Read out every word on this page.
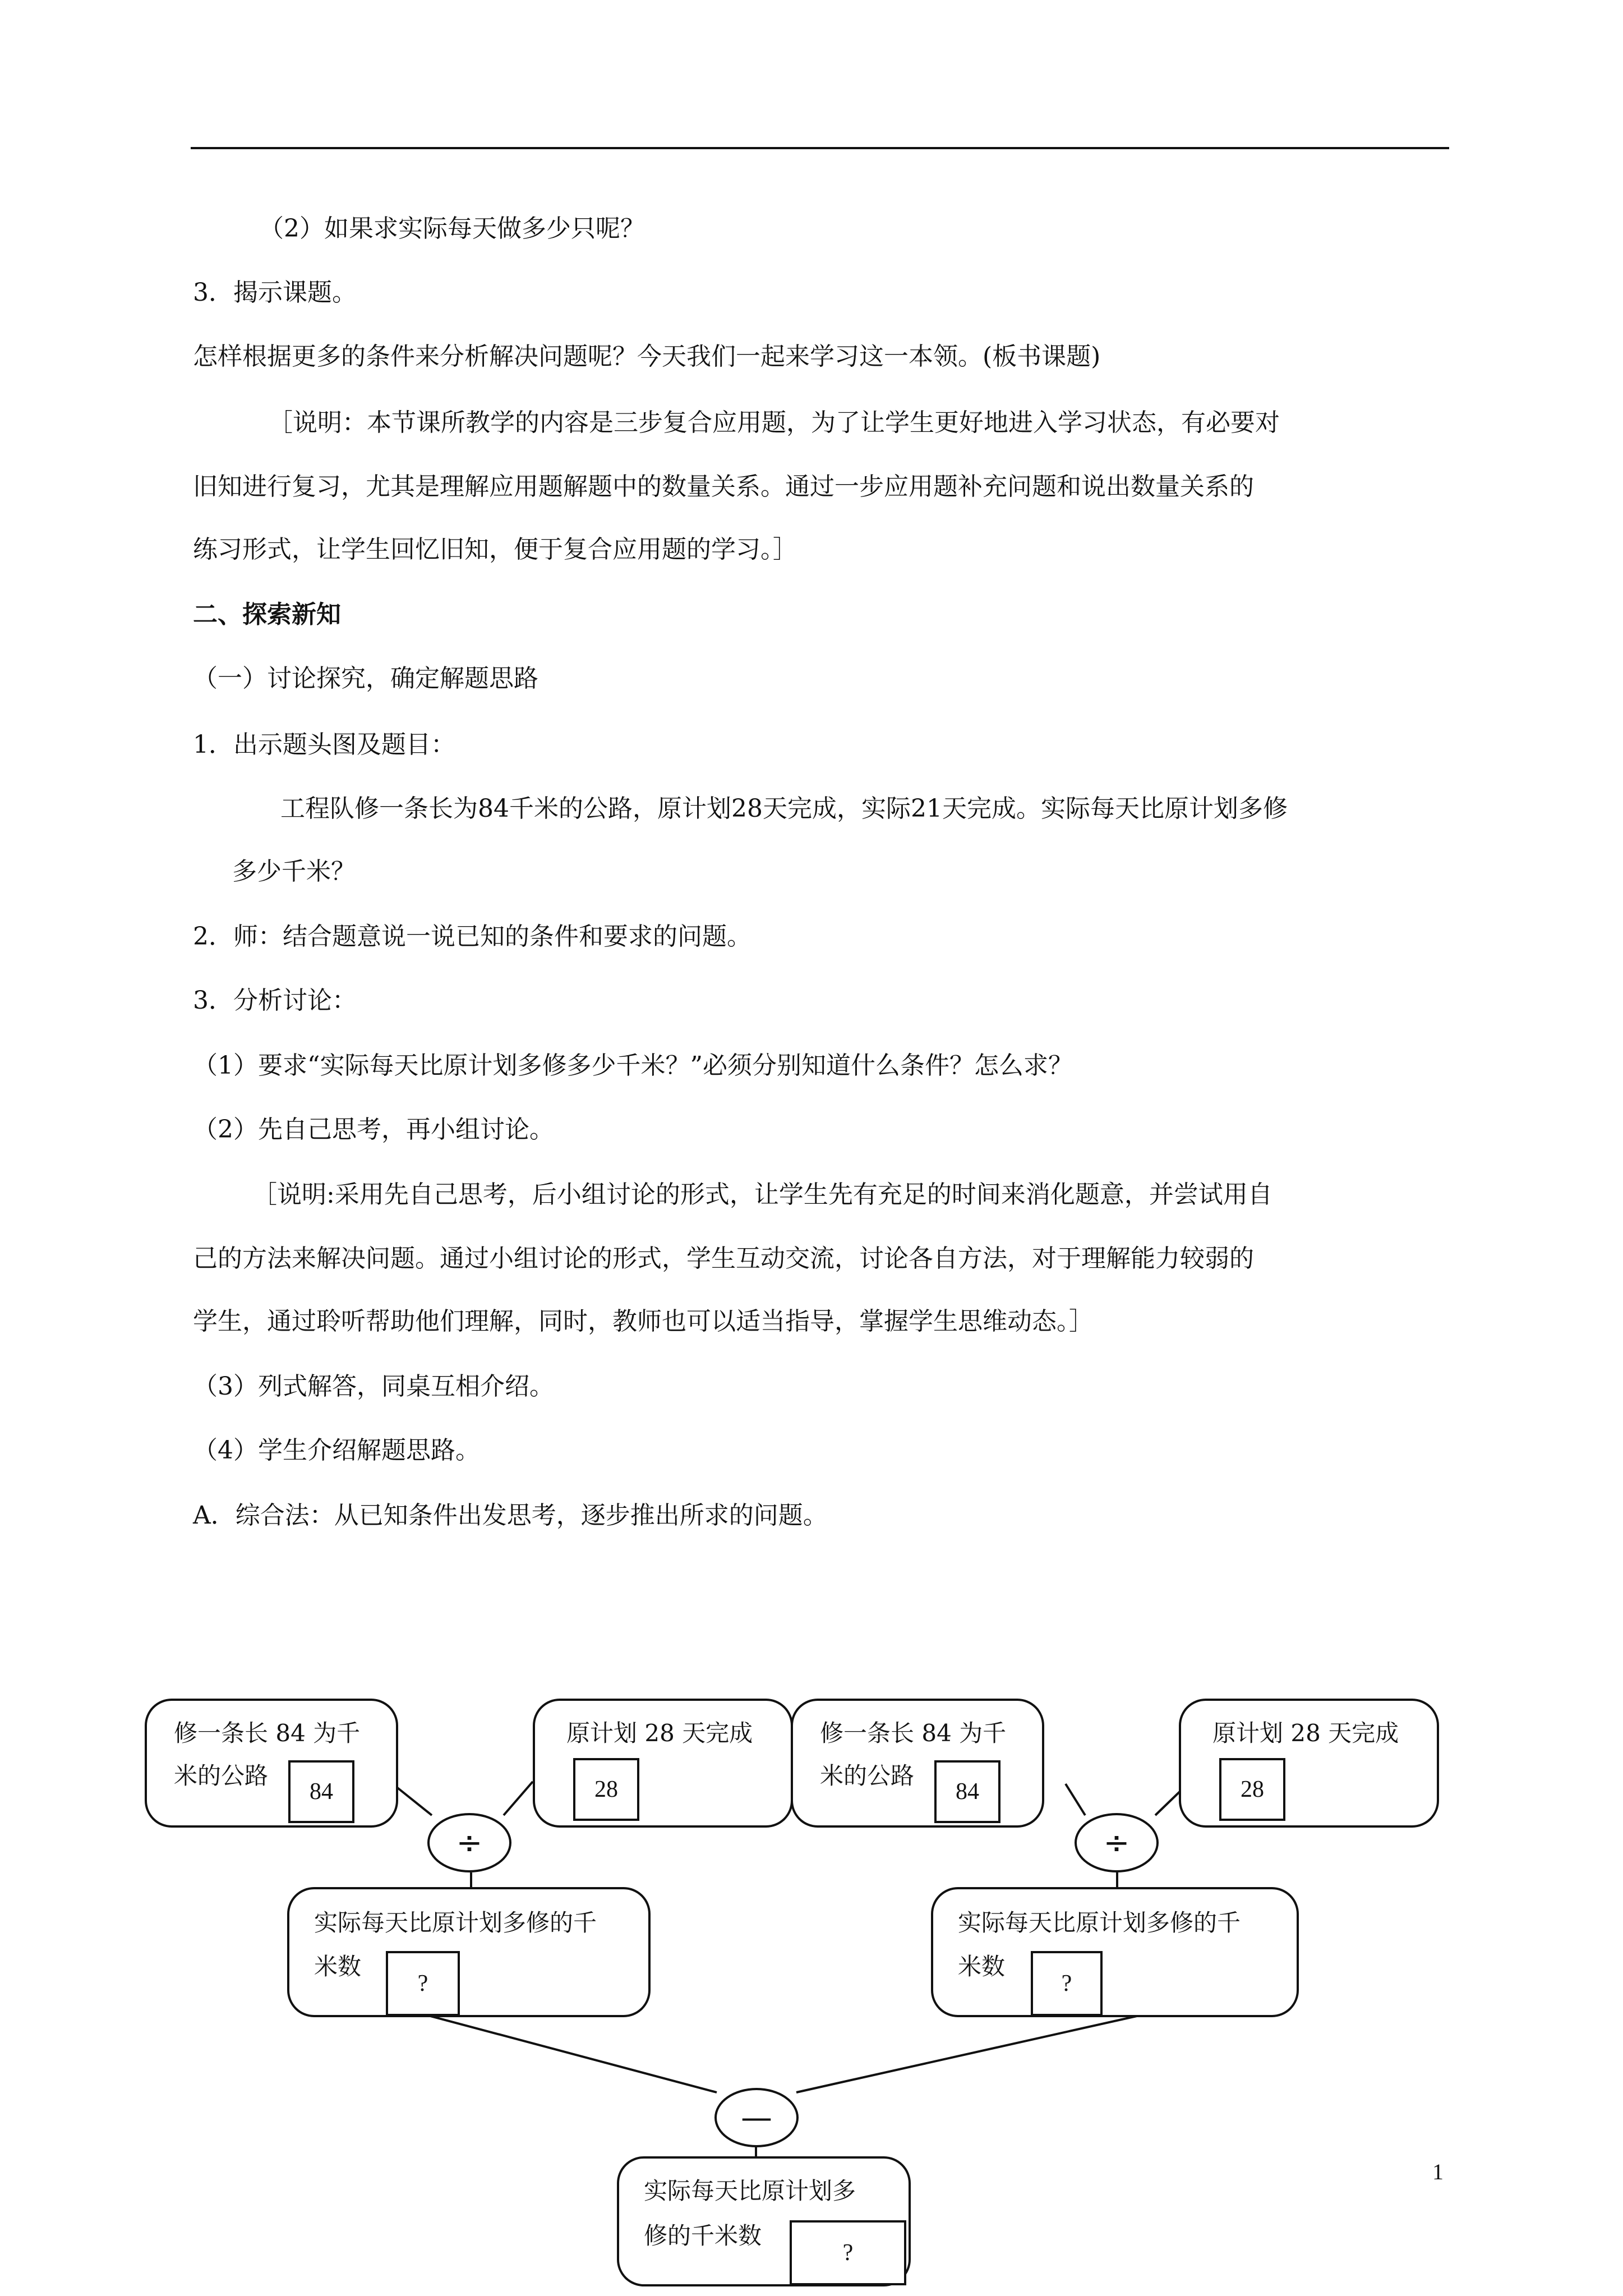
（2）如果求实际每天做多少只呢？
3．揭示课题。
怎样根据更多的条件来分析解决问题呢？今天我们一起来学习这一本领。(板书课题)
［说明：本节课所教学的内容是三步复合应用题，为了让学生更好地进入学习状态，有必要对
旧知进行复习，尤其是理解应用题解题中的数量关系。通过一步应用题补充问题和说出数量关系的
练习形式，让学生回忆旧知，便于复合应用题的学习。］
二、探索新知
（一）讨论探究，确定解题思路
1．出示题头图及题目：
工程队修一条长为84千米的公路，原计划28天完成，实际21天完成。实际每天比原计划多修
多少千米？
2．师：结合题意说一说已知的条件和要求的问题。
3．分析讨论：
（1）要求“实际每天比原计划多修多少千米？”必须分别知道什么条件？怎么求？
（2）先自己思考，再小组讨论。
［说明:采用先自己思考，后小组讨论的形式，让学生先有充足的时间来消化题意，并尝试用自
己的方法来解决问题。通过小组讨论的形式，学生互动交流，讨论各自方法，对于理解能力较弱的
学生，通过聆听帮助他们理解，同时，教师也可以适当指导，掌握学生思维动态。］
（3）列式解答，同桌互相介绍。
（4）学生介绍解题思路。
A．综合法：从已知条件出发思考，逐步推出所求的问题。
修一条长 84 为千
米的公路
84
原计划 28 天完成
28
修一条长 84 为千
米的公路
84
原计划 28 天完成
28
÷	÷
实际每天比原计划多修的千
米数
?
实际每天比原计划多修的千
米数
?
—
实际每天比原计划多
修的千米数
?
1
